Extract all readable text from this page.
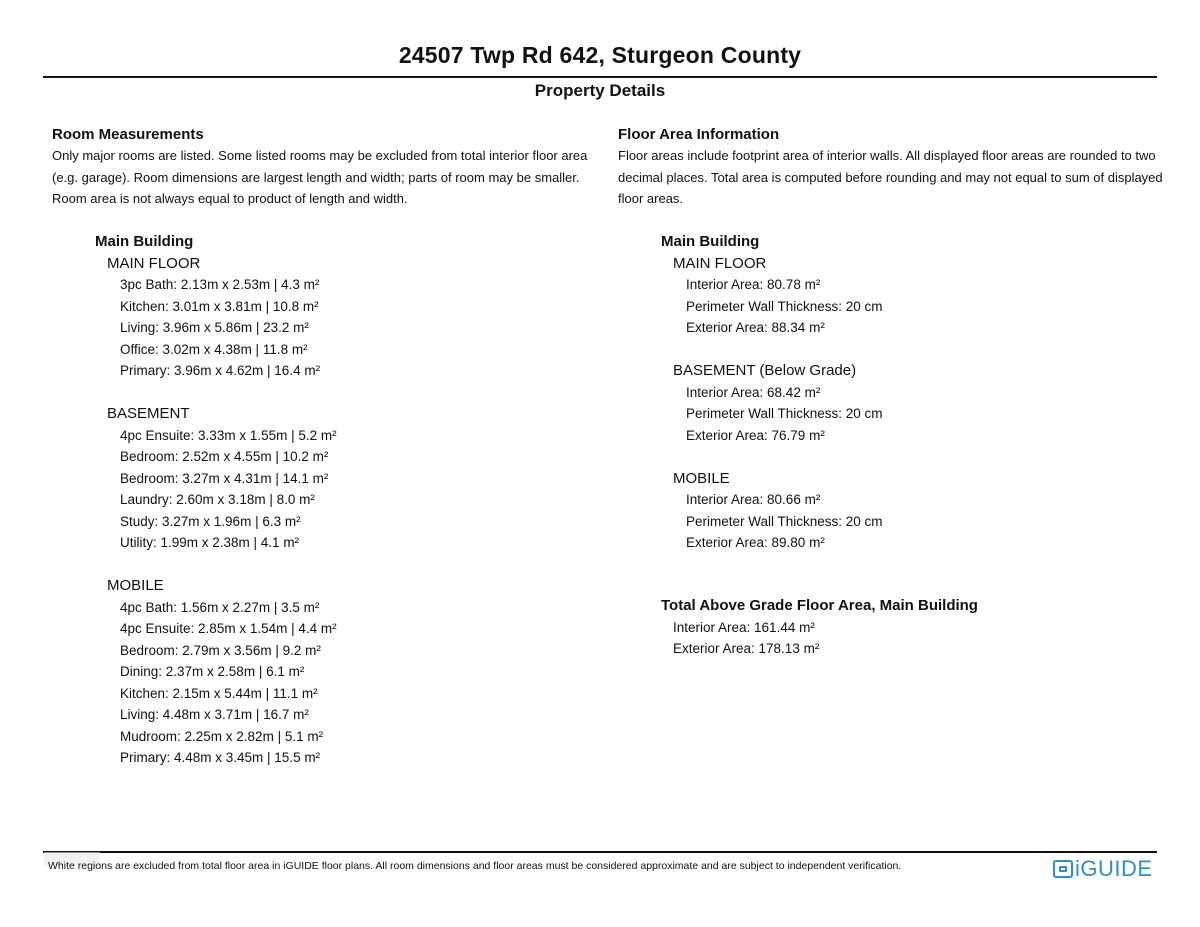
24507 Twp Rd 642, Sturgeon County
Property Details
Room Measurements
Only major rooms are listed. Some listed rooms may be excluded from total interior floor area
(e.g. garage). Room dimensions are largest length and width; parts of room may be smaller.
Room area is not always equal to product of length and width.
Main Building
MAIN FLOOR
3pc Bath: 2.13m x 2.53m | 4.3 m²
Kitchen: 3.01m x 3.81m | 10.8 m²
Living: 3.96m x 5.86m | 23.2 m²
Office: 3.02m x 4.38m | 11.8 m²
Primary: 3.96m x 4.62m | 16.4 m²
BASEMENT
4pc Ensuite: 3.33m x 1.55m | 5.2 m²
Bedroom: 2.52m x 4.55m | 10.2 m²
Bedroom: 3.27m x 4.31m | 14.1 m²
Laundry: 2.60m x 3.18m | 8.0 m²
Study: 3.27m x 1.96m | 6.3 m²
Utility: 1.99m x 2.38m | 4.1 m²
MOBILE
4pc Bath: 1.56m x 2.27m | 3.5 m²
4pc Ensuite: 2.85m x 1.54m | 4.4 m²
Bedroom: 2.79m x 3.56m | 9.2 m²
Dining: 2.37m x 2.58m | 6.1 m²
Kitchen: 2.15m x 5.44m | 11.1 m²
Living: 4.48m x 3.71m | 16.7 m²
Mudroom: 2.25m x 2.82m | 5.1 m²
Primary: 4.48m x 3.45m | 15.5 m²
Floor Area Information
Floor areas include footprint area of interior walls. All displayed floor areas are rounded to two
decimal places. Total area is computed before rounding and may not equal to sum of displayed
floor areas.
Main Building
MAIN FLOOR
Interior Area: 80.78 m²
Perimeter Wall Thickness: 20 cm
Exterior Area: 88.34 m²
BASEMENT (Below Grade)
Interior Area: 68.42 m²
Perimeter Wall Thickness: 20 cm
Exterior Area: 76.79 m²
MOBILE
Interior Area: 80.66 m²
Perimeter Wall Thickness: 20 cm
Exterior Area: 89.80 m²
Total Above Grade Floor Area, Main Building
Interior Area: 161.44 m²
Exterior Area: 178.13 m²
White regions are excluded from total floor area in iGUIDE floor plans. All room dimensions and floor areas must be considered approximate and are subject to independent verification.	iGUIDE
